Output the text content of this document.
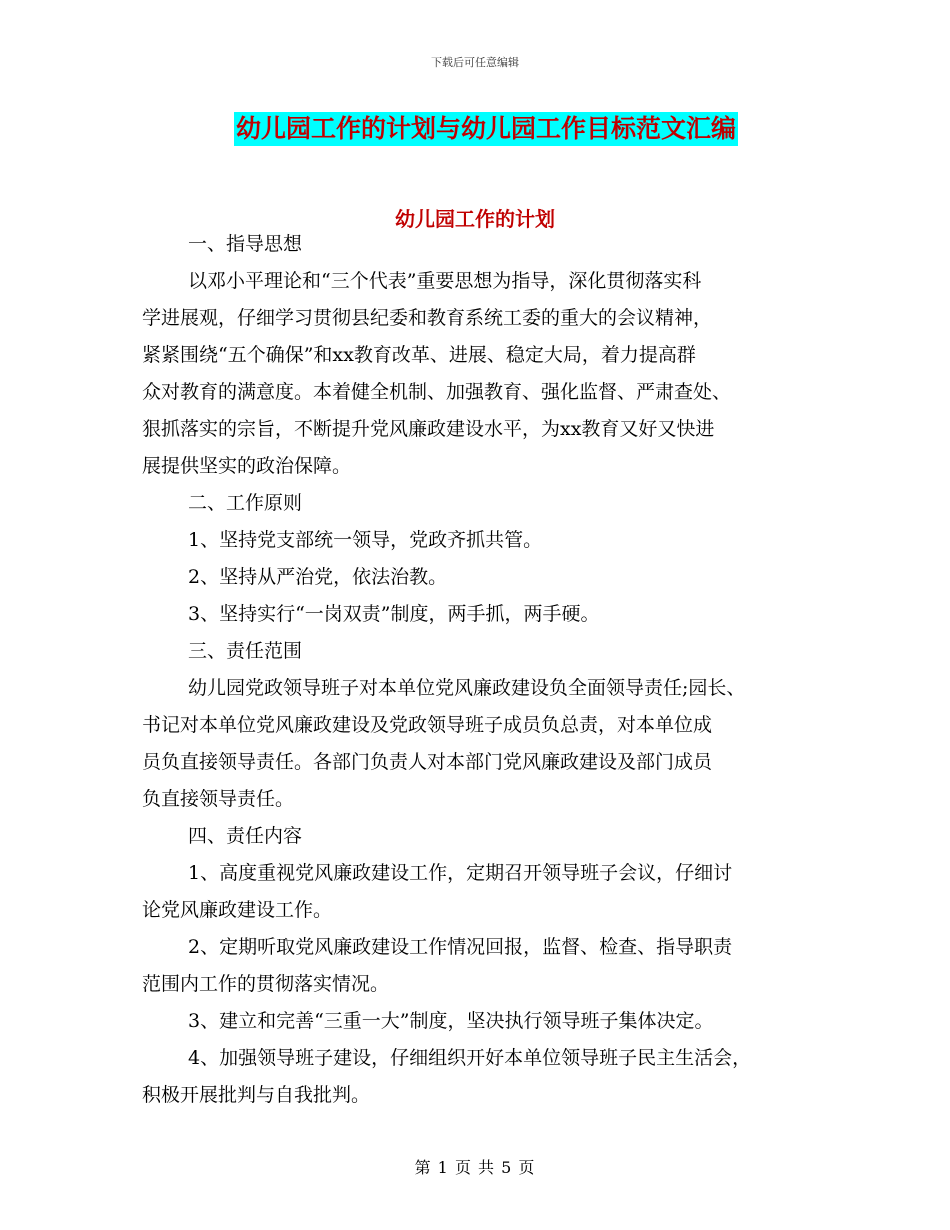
下载后可任意编辑
幼儿园工作的计划与幼儿园工作目标范文汇编
幼儿园工作的计划
一、指导思想
以邓小平理论和“三个代表”重要思想为指导，深化贯彻落实科
学进展观，仔细学习贯彻县纪委和教育系统工委的重大的会议精神，
紧紧围绕“五个确保”和xx教育改革、进展、稳定大局，着力提高群
众对教育的满意度。本着健全机制、加强教育、强化监督、严肃查处、
狠抓落实的宗旨，不断提升党风廉政建设水平，为xx教育又好又快进
展提供坚实的政治保障。
二、工作原则
1、坚持党支部统一领导，党政齐抓共管。
2、坚持从严治党，依法治教。
3、坚持实行“一岗双责”制度，两手抓，两手硬。
三、责任范围
幼儿园党政领导班子对本单位党风廉政建设负全面领导责任;园长、
书记对本单位党风廉政建设及党政领导班子成员负总责，对本单位成
员负直接领导责任。各部门负责人对本部门党风廉政建设及部门成员
负直接领导责任。
四、责任内容
1、高度重视党风廉政建设工作，定期召开领导班子会议，仔细讨
论党风廉政建设工作。
2、定期听取党风廉政建设工作情况回报，监督、检查、指导职责
范围内工作的贯彻落实情况。
3、建立和完善“三重一大”制度，坚决执行领导班子集体决定。
4、加强领导班子建设，仔细组织开好本单位领导班子民主生活会，
积极开展批判与自我批判。
第 1 页 共 5 页
